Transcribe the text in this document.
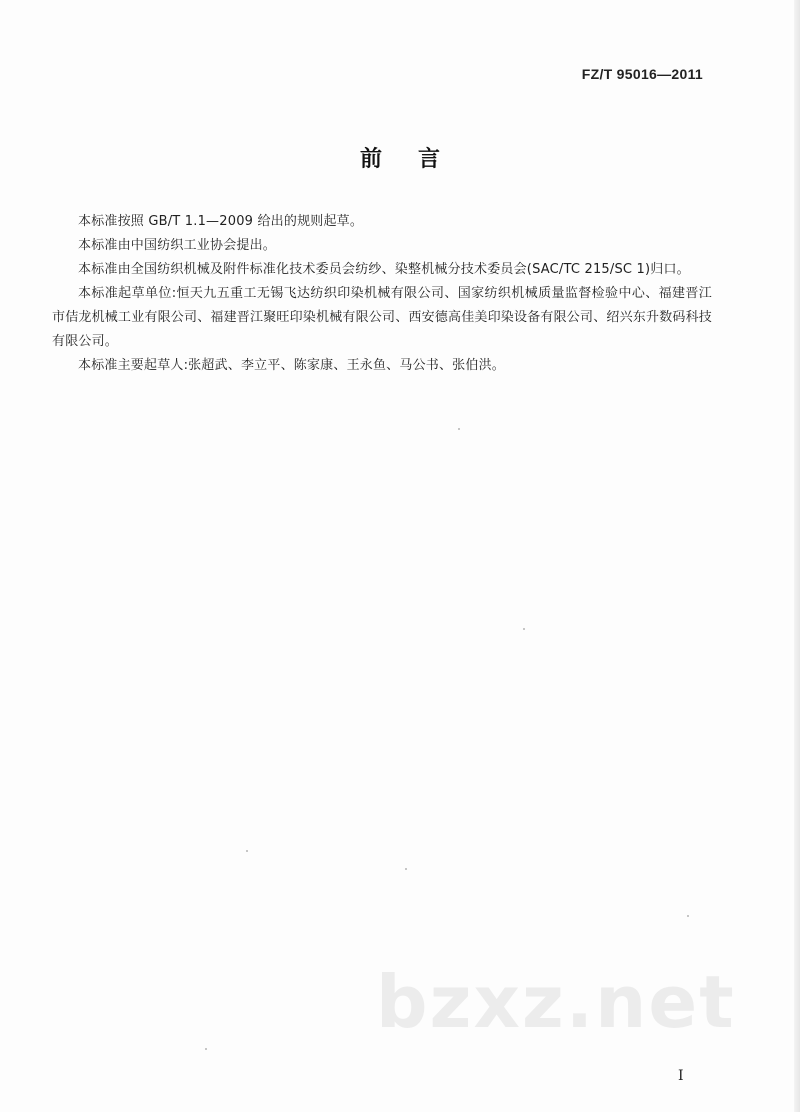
FZ/T 95016—2011
前言

本标准按照 GB/T 1.1—2009 给出的规则起草。

本标准由中国纺织工业协会提出。

本标准由全国纺织机械及附件标准化技术委员会纺纱、染整机械分技术委员会(SAC/TC 215/SC 1)归口。

本标准起草单位:恒天九五重工无锡飞达纺织印染机械有限公司、国家纺织机械质量监督检验中心、福建晋江市佶龙机械工业有限公司、福建晋江聚旺印染机械有限公司、西安德高佳美印染设备有限公司、绍兴东升数码科技有限公司。

本标准主要起草人:张超武、李立平、陈家康、王永鱼、马公书、张伯洪。

bzxz.net
I
